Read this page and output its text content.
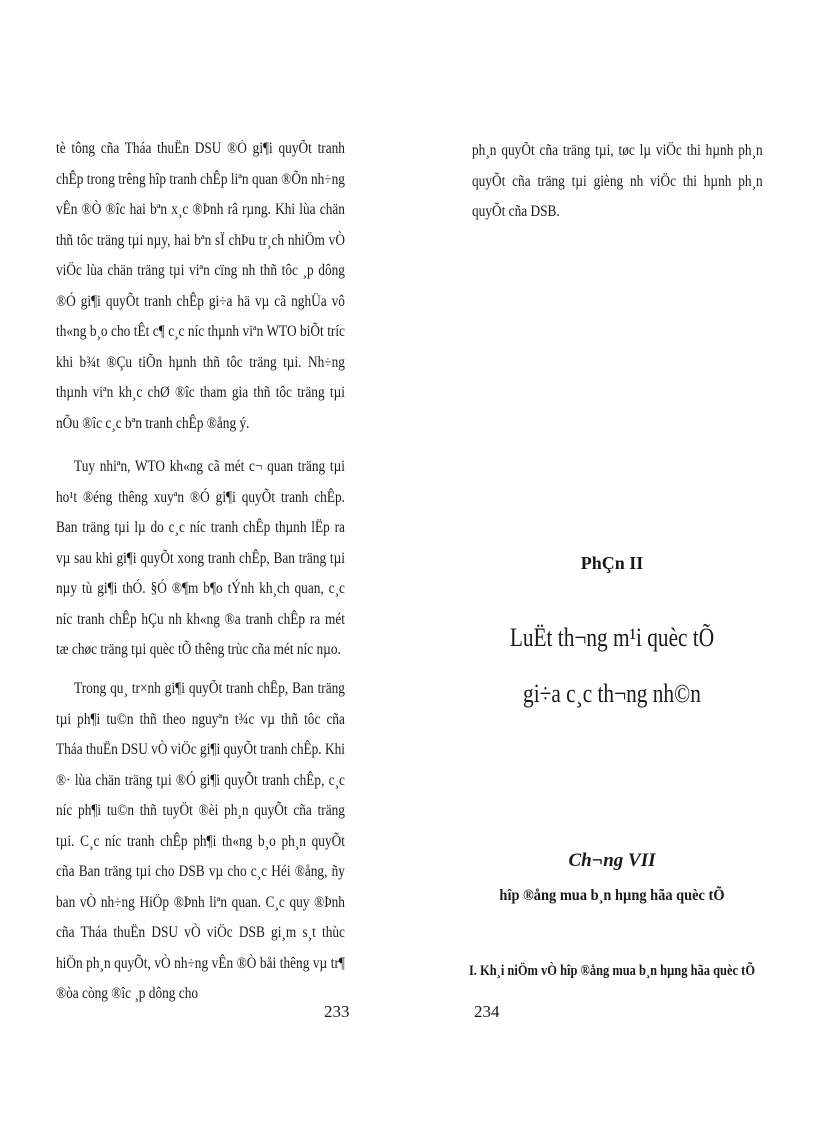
tè tông cña Tháa thuËn DSU ®Ó gi¶i quyÕt tranh chÊp trong trêng hîp tranh chÊp liªn quan ®Õn nh÷ng vÊn ®Ò ®îc hai bªn x¸c ®Þnh râ rµng. Khi lùa chän thñ tôc träng tµi nµy, hai bªn sÏ chÞu tr¸ch nhiÖm vÒ viÖc lùa chän träng tµi viªn cïng nh thñ tôc ¸p dông ®Ó gi¶i quyÕt tranh chÊp gi÷a hä vµ cã nghÜa vô th«ng b¸o cho tÊt c¶ c¸c níc thµnh viªn WTO biÕt tríc khi b¾t ®Çu tiÕn hµnh thñ tôc träng tµi. Nh÷ng thµnh viªn kh¸c chØ ®îc tham gia thñ tôc träng tµi nÕu ®îc c¸c bªn tranh chÊp ®ång ý.

Tuy nhiªn, WTO kh«ng cã mét c¬ quan träng tµi ho¹t ®éng thêng xuyªn ®Ó gi¶i quyÕt tranh chÊp. Ban träng tµi lµ do c¸c níc tranh chÊp thµnh lËp ra vµ sau khi gi¶i quyÕt xong tranh chÊp, Ban träng tµi nµy tù gi¶i thÓ. §Ó ®¶m b¶o tÝnh kh¸ch quan, c¸c níc tranh chÊp hÇu nh kh«ng ®a tranh chÊp ra mét tæ chøc träng tµi quèc tÕ thêng trùc cña mét níc nµo.

Trong qu¸ tr×nh gi¶i quyÕt tranh chÊp, Ban träng tµi ph¶i tu©n thñ theo nguyªn t¾c vµ thñ tôc cña Tháa thuËn DSU vÒ viÖc gi¶i quyÕt tranh chÊp. Khi ®· lùa chän träng tµi ®Ó gi¶i quyÕt tranh chÊp, c¸c níc ph¶i tu©n thñ tuyÖt ®èi ph¸n quyÕt cña träng tµi. C¸c níc tranh chÊp ph¶i th«ng b¸o ph¸n quyÕt cña Ban träng tµi cho DSB vµ cho c¸c Héi ®ång, ñy ban vÒ nh÷ng HiÖp ®Þnh liªn quan. C¸c quy ®Þnh cña Tháa thuËn DSU vÒ viÖc DSB gi¸m s¸t thùc hiÖn ph¸n quyÕt, vÒ nh÷ng vÊn ®Ò båi thêng vµ tr¶ ®òa còng ®îc ¸p dông cho

233

ph¸n quyÕt cña träng tµi, tøc lµ viÖc thi hµnh ph¸n quyÕt cña träng tµi gièng nh viÖc thi hµnh ph¸n quyÕt cña DSB.

PhÇn II
LuËt th¬ng m¹i quèc tÕ
gi÷a c¸c th¬ng nh©n
Ch¬ng VII
hîp ®ång mua b¸n hµng hãa quèc tÕ
I. Kh¸i niÖm vÒ hîp ®ång mua b¸n hµng hãa quèc tÕ
234
